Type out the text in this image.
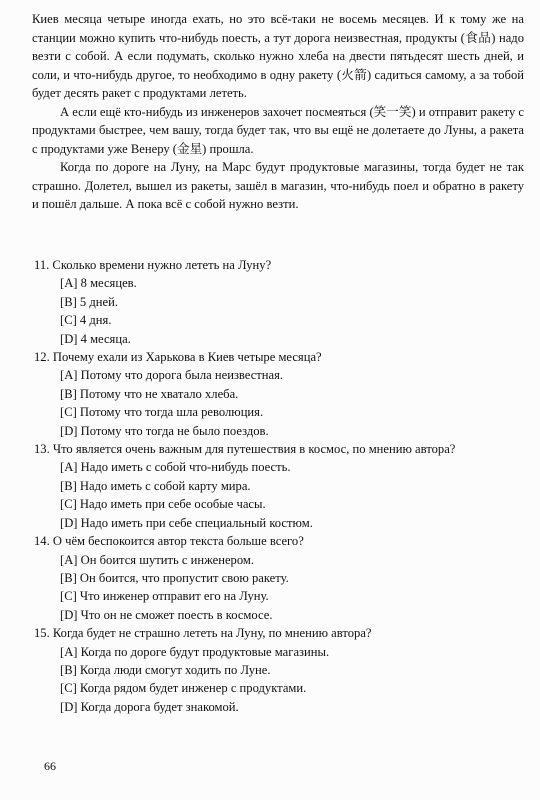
Киев месяца четыре иногда ехать, но это всё-таки не восемь месяцев. И к тому же на станции можно купить что-нибудь поесть, а тут дорога неизвестная, продукты (食品) надо везти с собой. А если подумать, сколько нужно хлеба на двести пятьдесят шесть дней, и соли, и что-нибудь другое, то необходимо в одну ракету (火箭) садиться самому, а за тобой будет десять ракет с продуктами лететь.

А если ещё кто-нибудь из инженеров захочет посмеяться (笑一笑) и отправит ракету с продуктами быстрее, чем вашу, тогда будет так, что вы ещё не долетаете до Луны, а ракета с продуктами уже Венеру (金星) прошла.

Когда по дороге на Луну, на Марс будут продуктовые магазины, тогда будет не так страшно. Долетел, вышел из ракеты, зашёл в магазин, что-нибудь поел и обратно в ракету и пошёл дальше. А пока всё с собой нужно везти.

11. Сколько времени нужно лететь на Луну?
[A] 8 месяцев.
[B] 5 дней.
[C] 4 дня.
[D] 4 месяца.
12. Почему ехали из Харькова в Киев четыре месяца?
[A] Потому что дорога была неизвестная.
[B] Потому что не хватало хлеба.
[C] Потому что тогда шла революция.
[D] Потому что тогда не было поездов.
13. Что является очень важным для путешествия в космос, по мнению автора?
[A] Надо иметь с собой что-нибудь поесть.
[B] Надо иметь с собой карту мира.
[C] Надо иметь при себе особые часы.
[D] Надо иметь при себе специальный костюм.
14. О чём беспокоится автор текста больше всего?
[A] Он боится шутить с инженером.
[B] Он боится, что пропустит свою ракету.
[C] Что инженер отправит его на Луну.
[D] Что он не сможет поесть в космосе.
15. Когда будет не страшно лететь на Луну, по мнению автора?
[A] Когда по дороге будут продуктовые магазины.
[B] Когда люди смогут ходить по Луне.
[C] Когда рядом будет инженер с продуктами.
[D] Когда дорога будет знакомой.
66
